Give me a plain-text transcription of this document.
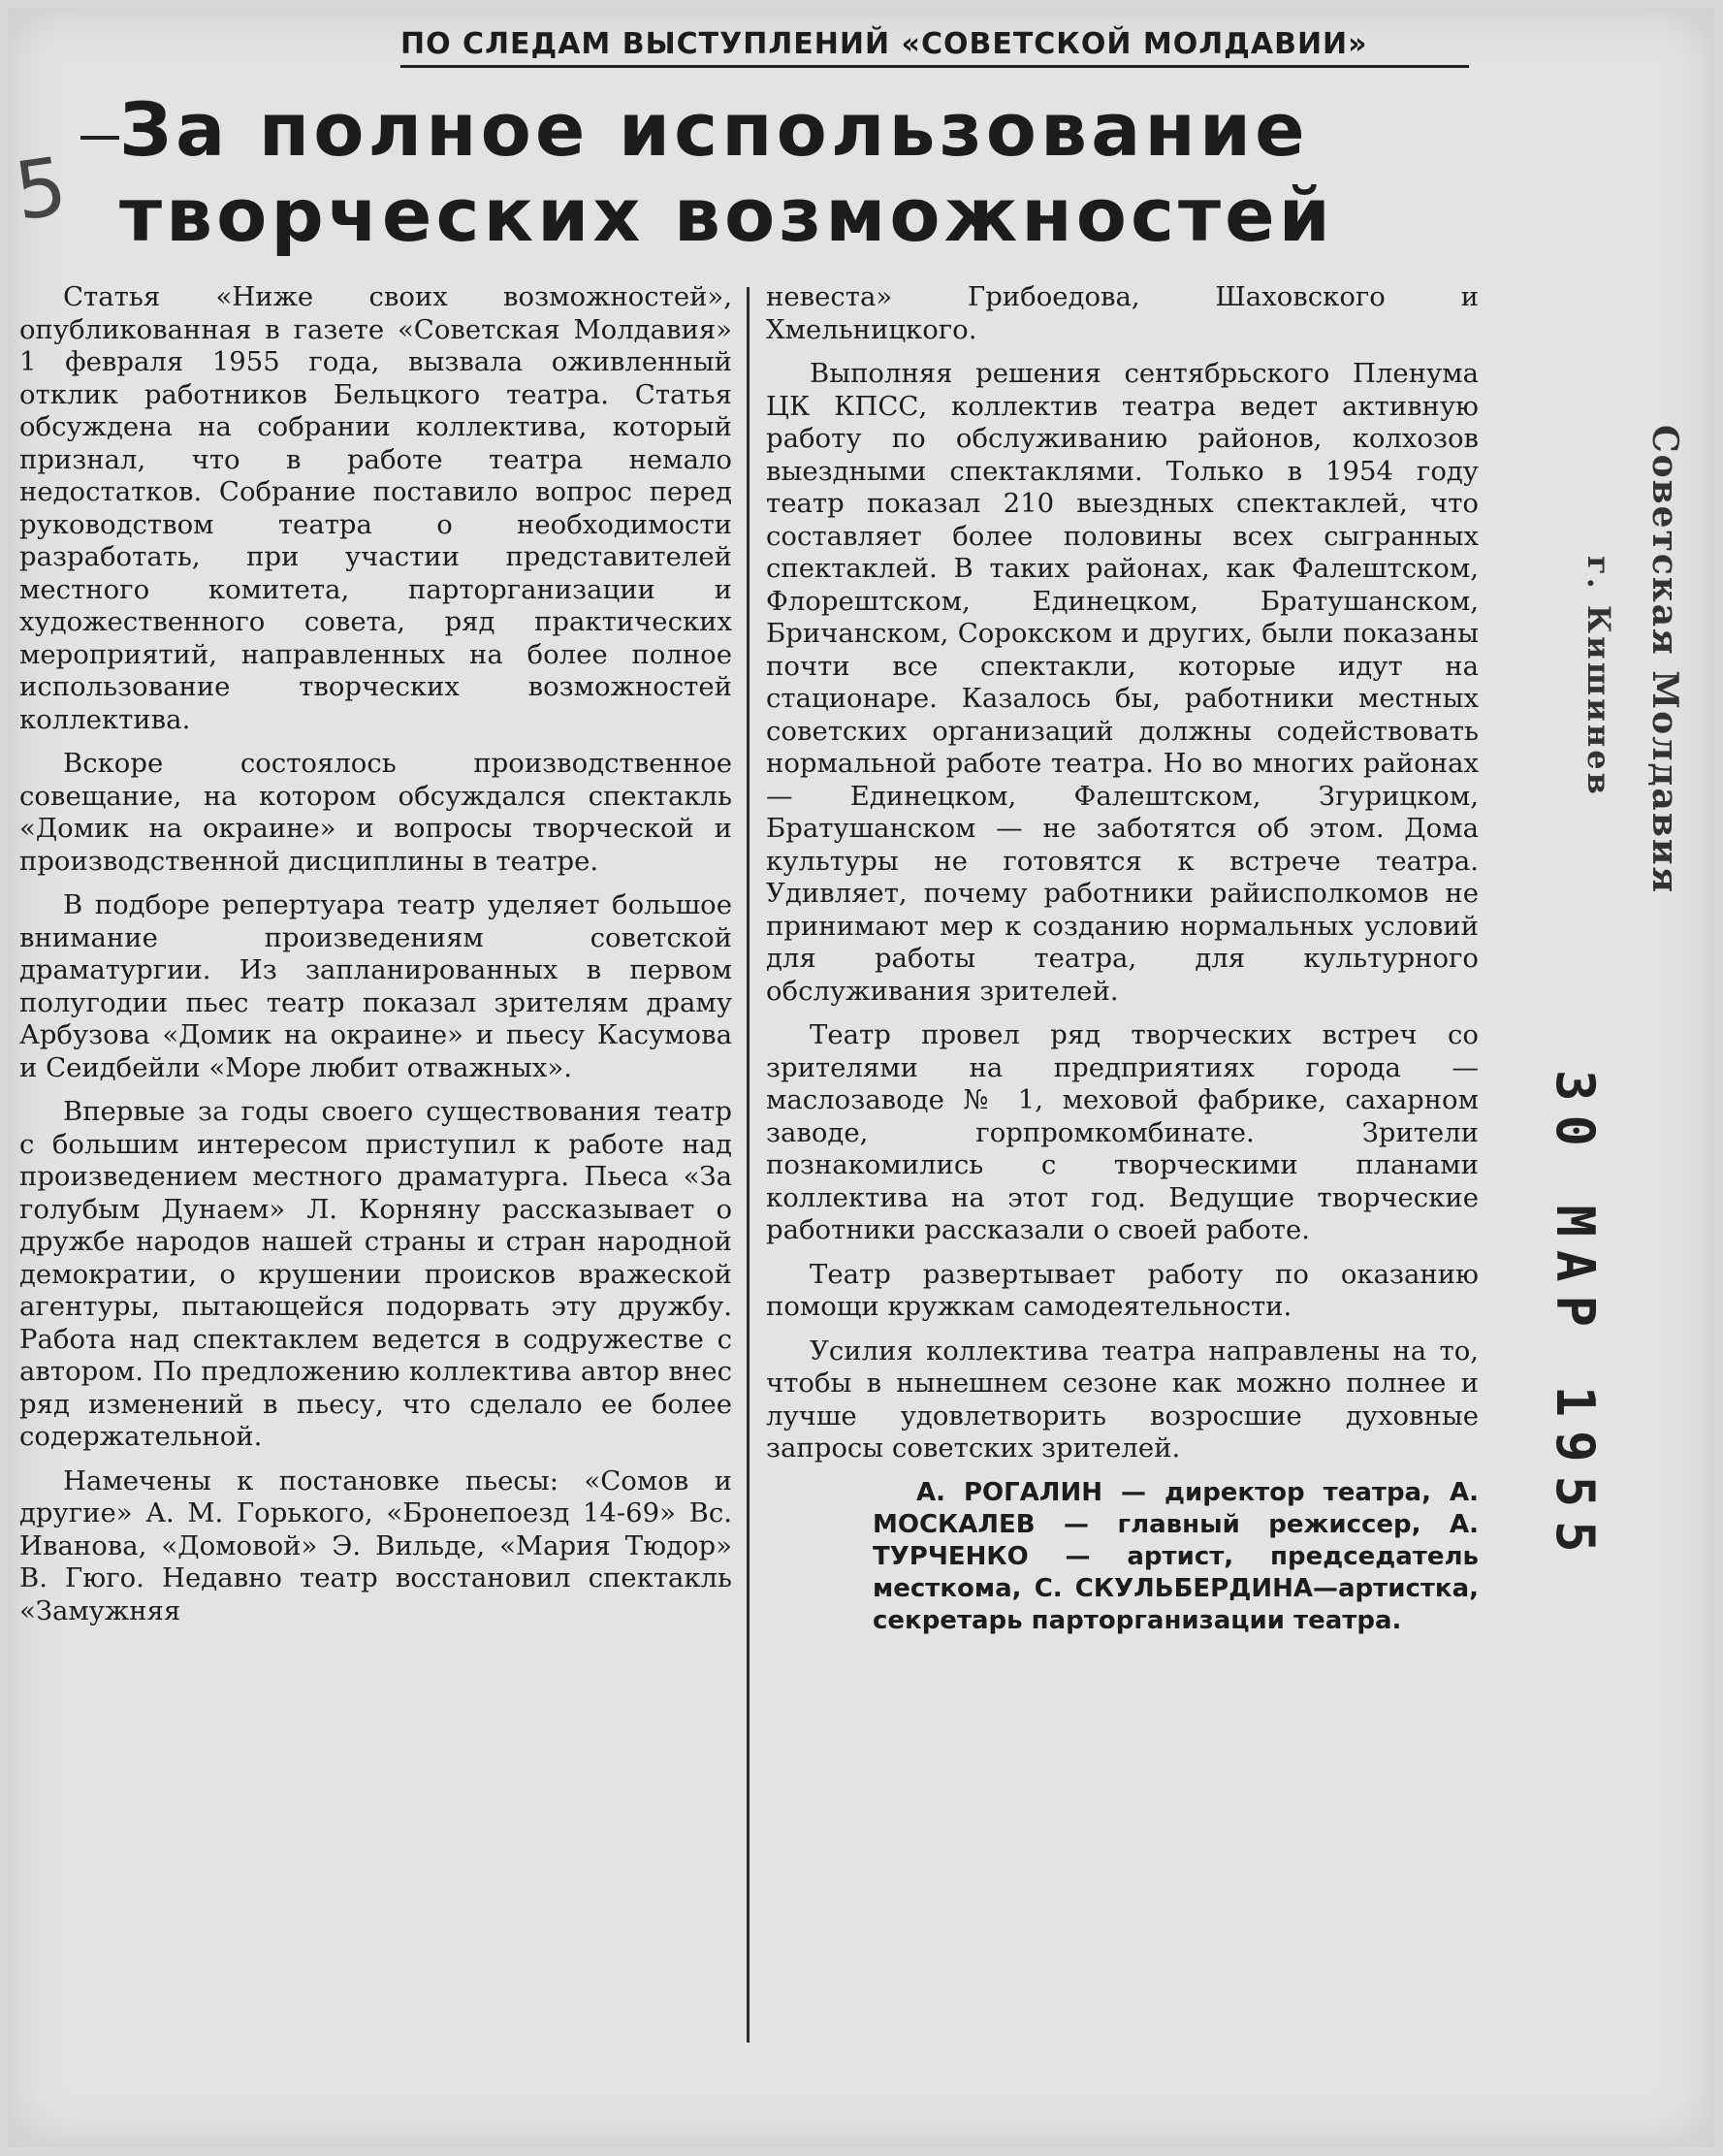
ПО СЛЕДАМ ВЫСТУПЛЕНИЙ «СОВЕТСКОЙ МОЛДАВИИ»
5
За полное использование
творческих возможностей

Статья «Ниже своих возможностей», опубликованная в газете «Советская Молдавия» 1 февраля 1955 года, вызвала оживленный отклик работников Бельцкого театра. Статья обсуждена на собрании коллектива, который признал, что в работе театра немало недостатков. Собрание поставило вопрос перед руководством театра о необходимости разработать, при участии представителей местного комитета, парторганизации и художественного совета, ряд практических мероприятий, направленных на более полное использование творческих возможностей коллектива.

Вскоре состоялось производственное совещание, на котором обсуждался спектакль «Домик на окраине» и вопросы творческой и производственной дисциплины в театре.

В подборе репертуара театр уделяет большое внимание произведениям советской драматургии. Из запланированных в первом полугодии пьес театр показал зрителям драму Арбузова «Домик на окраине» и пьесу Касумова и Сеидбейли «Море любит отважных».

Впервые за годы своего существования театр с большим интересом приступил к работе над произведением местного драматурга. Пьеса «За голубым Дунаем» Л. Корняну рассказывает о дружбе народов нашей страны и стран народной демократии, о крушении происков вражеской агентуры, пытающейся подорвать эту дружбу. Работа над спектаклем ведется в содружестве с автором. По предложению коллектива автор внес ряд изменений в пьесу, что сделало ее более содержательной.

Намечены к постановке пьесы: «Сомов и другие» А. М. Горького, «Бронепоезд 14-69» Вс. Иванова, «Домовой» Э. Вильде, «Мария Тюдор» В. Гюго. Недавно театр восстановил спектакль «Замужняя

невеста» Грибоедова, Шаховского и Хмельницкого.

Выполняя решения сентябрьского Пленума ЦК КПСС, коллектив театра ведет активную работу по обслуживанию районов, колхозов выездными спектаклями. Только в 1954 году театр показал 210 выездных спектаклей, что составляет более половины всех сыгранных спектаклей. В таких районах, как Фалештском, Флорештском, Единецком, Братушанском, Бричанском, Сорокском и других, были показаны почти все спектакли, которые идут на стационаре. Казалось бы, работники местных советских организаций должны содействовать нормальной работе театра. Но во многих районах — Единецком, Фалештском, Згурицком, Братушанском — не заботятся об этом. Дома культуры не готовятся к встрече театра. Удивляет, почему работники райисполкомов не принимают мер к созданию нормальных условий для работы театра, для культурного обслуживания зрителей.

Театр провел ряд творческих встреч со зрителями на предприятиях города — маслозаводе № 1, меховой фабрике, сахарном заводе, горпромкомбинате. Зрители познакомились с творческими планами коллектива на этот год. Ведущие творческие работники рассказали о своей работе.

Театр развертывает работу по оказанию помощи кружкам самодеятельности.

Усилия коллектива театра направлены на то, чтобы в нынешнем сезоне как можно полнее и лучше удовлетворить возросшие духовные запросы советских зрителей.

А. РОГАЛИН — директор театра, А. МОСКАЛЕВ — главный режиссер, А. ТУРЧЕНКО — артист, председатель месткома, С. СКУЛЬБЕРДИНА—артистка, секретарь парторганизации театра.

Советская Молдавия
г. Кишинев
30 МАР 1955
